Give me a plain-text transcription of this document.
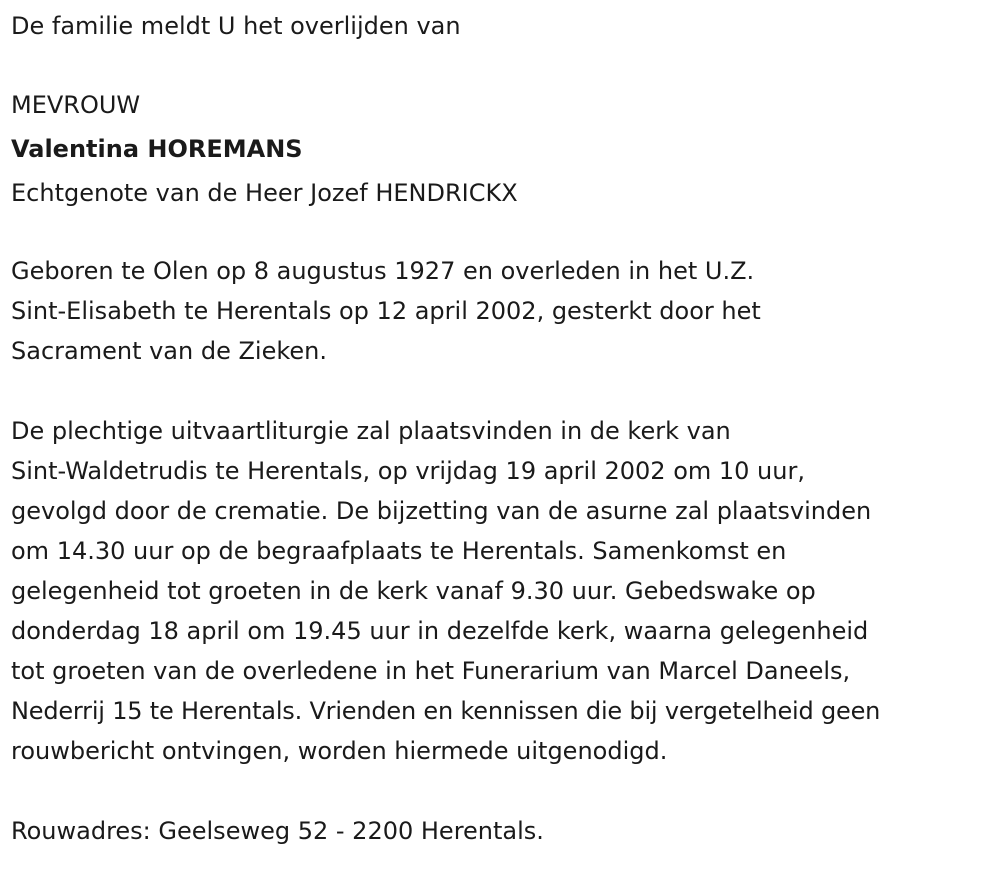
De familie meldt U het overlijden van

MEVROUW

Valentina HOREMANS

Echtgenote van de Heer Jozef HENDRICKX

Geboren te Olen op 8 augustus 1927 en overleden in het U.Z.

Sint-Elisabeth te Herentals op 12 april 2002, gesterkt door het

Sacrament van de Zieken.

De plechtige uitvaartliturgie zal plaatsvinden in de kerk van

Sint-Waldetrudis te Herentals, op vrijdag 19 april 2002 om 10 uur,

gevolgd door de crematie. De bijzetting van de asurne zal plaatsvinden

om 14.30 uur op de begraafplaats te Herentals. Samenkomst en

gelegenheid tot groeten in de kerk vanaf 9.30 uur. Gebedswake op

donderdag 18 april om 19.45 uur in dezelfde kerk, waarna gelegenheid

tot groeten van de overledene in het Funerarium van Marcel Daneels,

Nederrij 15 te Herentals. Vrienden en kennissen die bij vergetelheid geen

rouwbericht ontvingen, worden hiermede uitgenodigd.

Rouwadres: Geelseweg 52 - 2200 Herentals.
